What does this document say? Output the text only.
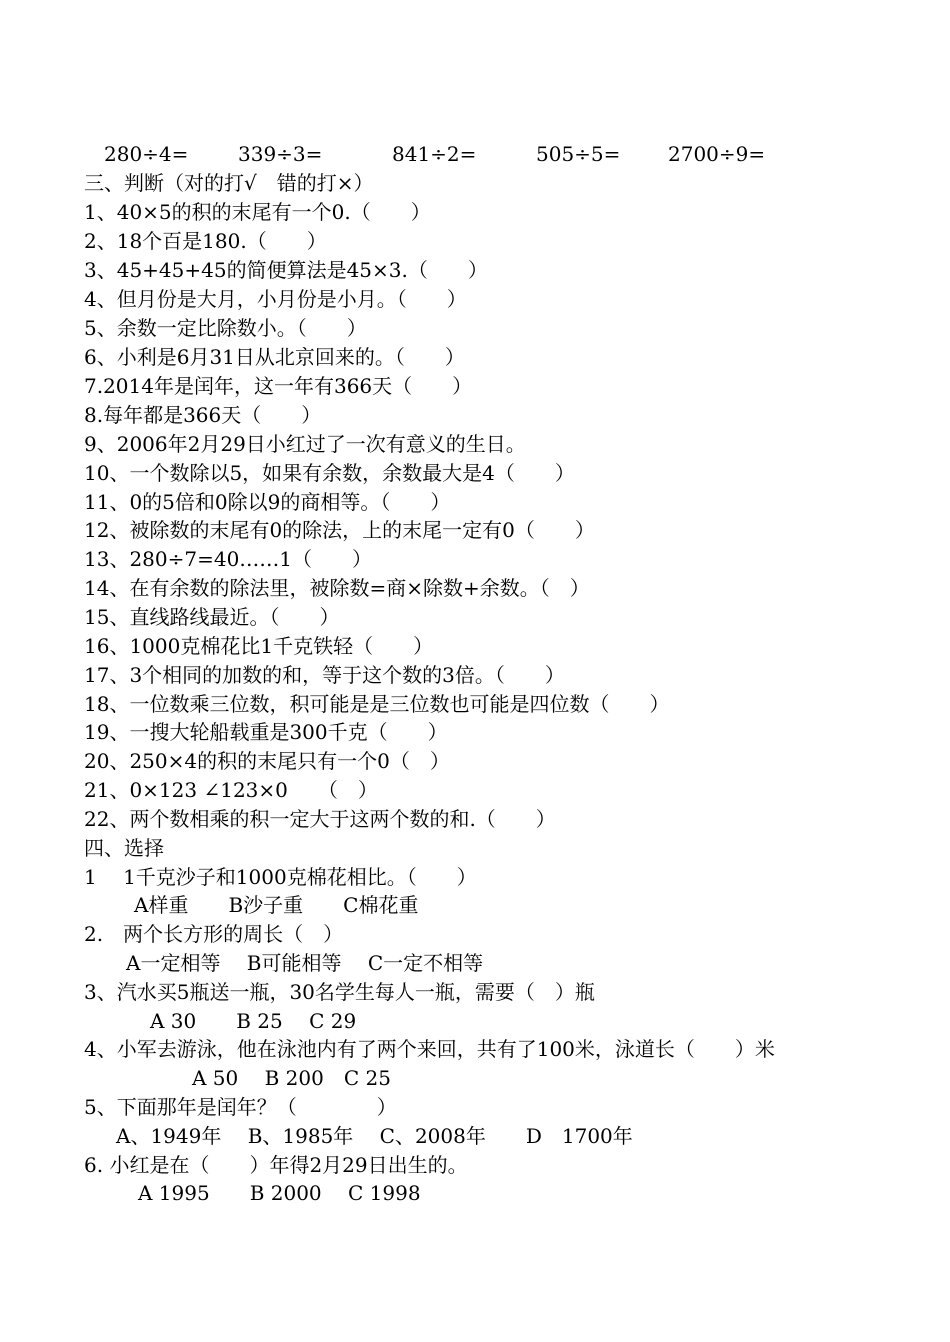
280÷4= 339÷3=	841÷2=	505÷5= 2700÷9=
三、判断（对的打√　错的打×）
1、40×5的积的末尾有一个0.（　　）
2、18个百是180.（　　）
3、45+45+45的简便算法是45×3.（　　）
4、但月份是大月，小月份是小月。（　　）
5、余数一定比除数小。（　　）
6、小利是6月31日从北京回来的。（　　）
7.2014年是闰年，这一年有366天（　　）
8.每年都是366天（　　）
9、2006年2月29日小红过了一次有意义的生日。
10、一个数除以5，如果有余数，余数最大是4（　　）
11、0的5倍和0除以9的商相等。（　　）
12、被除数的末尾有0的除法，上的末尾一定有0（　　）
13、280÷7=40……1（　　）
14、在有余数的除法里，被除数=商×除数+余数。（　）
15、直线路线最近。（　　）
16、1000克棉花比1千克铁轻（　　）
17、3个相同的加数的和，等于这个数的3倍。（　　）
18、一位数乘三位数，积可能是是三位数也可能是四位数（　　）
19、一搜大轮船载重是300千克（　　）
20、250×4的积的末尾只有一个0（　）
21、0×123 ∠123×0　　（　）
22、两个数相乘的积一定大于这两个数的和.（　　）
四、选择
1　 1千克沙子和1000克棉花相比。（　　）
A样重　　B沙子重　　C棉花重
2.　两个长方形的周长（　）
A一定相等　 B可能相等　 C一定不相等
3、汽水买5瓶送一瓶，30名学生每人一瓶，需要（　）瓶
A 30　　B 25　 C 29
4、小军去游泳，他在泳池内有了两个来回，共有了100米，泳道长（　　）米
A 50　 B 200　C 25
5、下面那年是闰年？（　　　　）
A、1949年　 B、1985年　 C、2008年　　D　1700年
6. 小红是在（　　）年得2月29日出生的。
A 1995　　B 2000　 C 1998
